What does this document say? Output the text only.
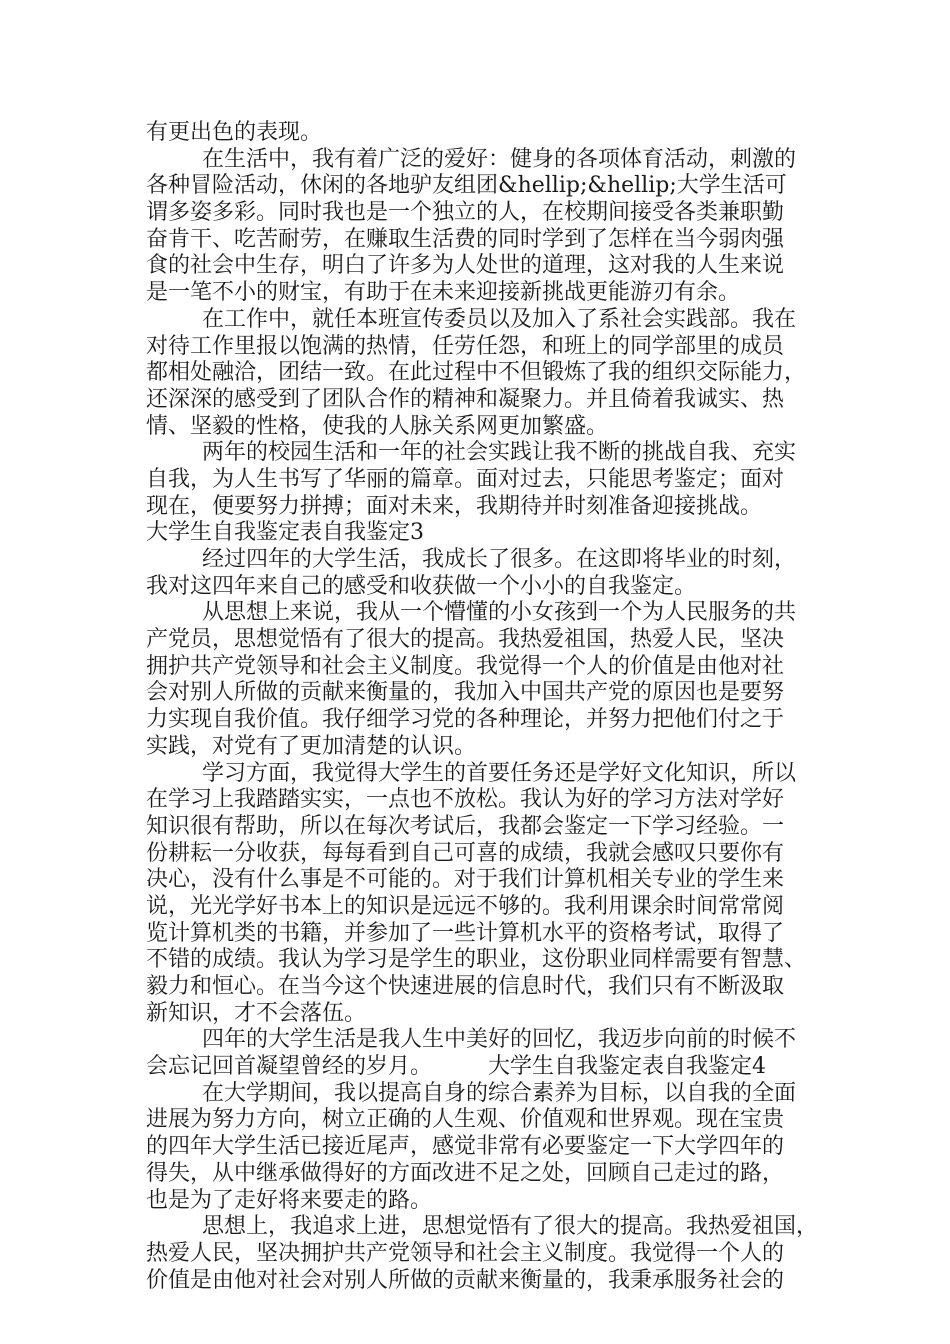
有更出色的表现。
在生活中，我有着广泛的爱好：健身的各项体育活动，刺激的
各种冒险活动，休闲的各地驴友组团&hellip;&hellip;大学生活可
谓多姿多彩。同时我也是一个独立的人，在校期间接受各类兼职勤
奋肯干、吃苦耐劳，在赚取生活费的同时学到了怎样在当今弱肉强
食的社会中生存，明白了许多为人处世的道理，这对我的人生来说
是一笔不小的财宝，有助于在未来迎接新挑战更能游刃有余。
在工作中，就任本班宣传委员以及加入了系社会实践部。我在
对待工作里报以饱满的热情，任劳任怨，和班上的同学部里的成员
都相处融洽，团结一致。在此过程中不但锻炼了我的组织交际能力，
还深深的感受到了团队合作的精神和凝聚力。并且倚着我诚实、热
情、坚毅的性格，使我的人脉关系网更加繁盛。
两年的校园生活和一年的社会实践让我不断的挑战自我、充实
自我，为人生书写了华丽的篇章。面对过去，只能思考鉴定；面对
现在，便要努力拼搏；面对未来，我期待并时刻准备迎接挑战。
大学生自我鉴定表自我鉴定3
经过四年的大学生活，我成长了很多。在这即将毕业的时刻，
我对这四年来自己的感受和收获做一个小小的自我鉴定。
从思想上来说，我从一个懵懂的小女孩到一个为人民服务的共
产党员，思想觉悟有了很大的提高。我热爱祖国，热爱人民，坚决
拥护共产党领导和社会主义制度。我觉得一个人的价值是由他对社
会对别人所做的贡献来衡量的，我加入中国共产党的原因也是要努
力实现自我价值。我仔细学习党的各种理论，并努力把他们付之于
实践，对党有了更加清楚的认识。
学习方面，我觉得大学生的首要任务还是学好文化知识，所以
在学习上我踏踏实实，一点也不放松。我认为好的学习方法对学好
知识很有帮助，所以在每次考试后，我都会鉴定一下学习经验。一
份耕耘一分收获，每每看到自己可喜的成绩，我就会感叹只要你有
决心，没有什么事是不可能的。对于我们计算机相关专业的学生来
说，光光学好书本上的知识是远远不够的。我利用课余时间常常阅
览计算机类的书籍，并参加了一些计算机水平的资格考试，取得了
不错的成绩。我认为学习是学生的职业，这份职业同样需要有智慧、
毅力和恒心。在当今这个快速进展的信息时代，我们只有不断汲取
新知识，才不会落伍。
四年的大学生活是我人生中美好的回忆，我迈步向前的时候不
会忘记回首凝望曾经的岁月。        大学生自我鉴定表自我鉴定4
在大学期间，我以提高自身的综合素养为目标，以自我的全面
进展为努力方向，树立正确的人生观、价值观和世界观。现在宝贵
的四年大学生活已接近尾声，感觉非常有必要鉴定一下大学四年的
得失，从中继承做得好的方面改进不足之处，回顾自己走过的路，
也是为了走好将来要走的路。
思想上，我追求上进，思想觉悟有了很大的提高。我热爱祖国，
热爱人民，坚决拥护共产党领导和社会主义制度。我觉得一个人的
价值是由他对社会对别人所做的贡献来衡量的，我秉承服务社会的
